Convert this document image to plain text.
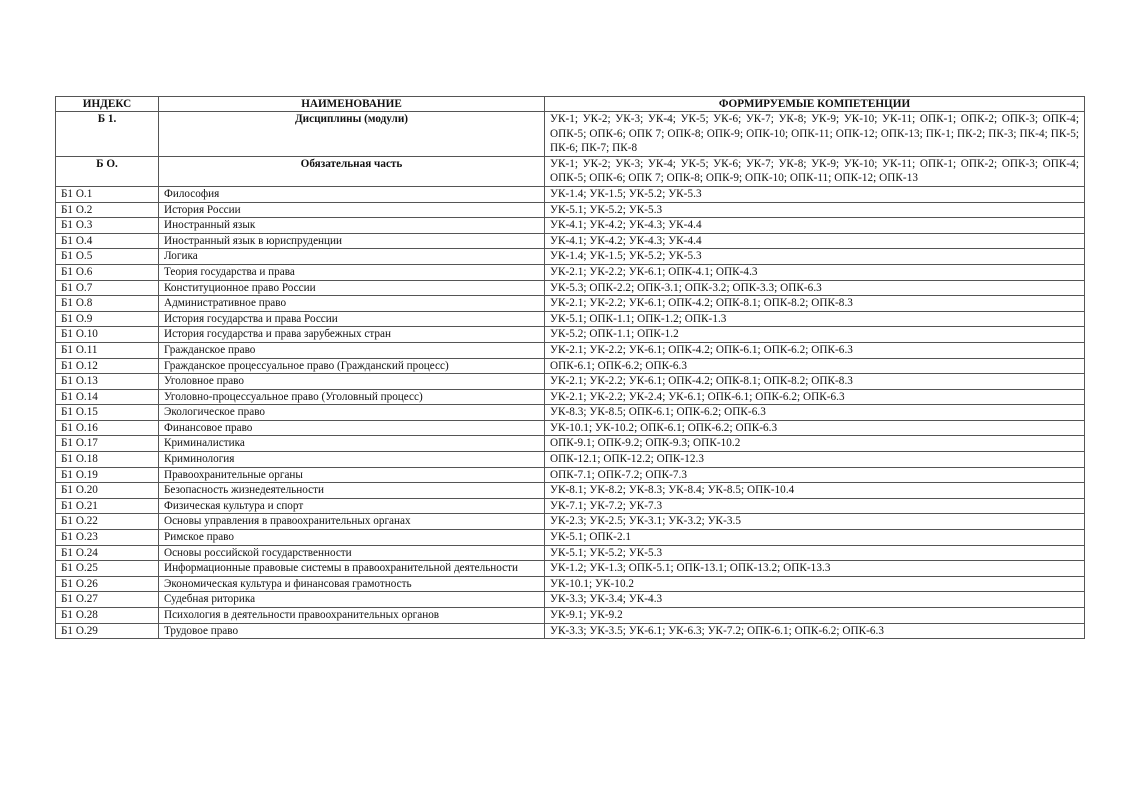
ИНДЕКС	НАИМЕНОВАНИЕ	ФОРМИРУЕМЫЕ КОМПЕТЕНЦИИ
Б 1.	Дисциплины (модули)	УК-1; УК-2; УК-3; УК-4; УК-5; УК-6; УК-7; УК-8; УК-9; УК-10; УК-11; ОПК-1; ОПК-2; ОПК-3; ОПК-4; ОПК-5; ОПК-6; ОПК 7; ОПК-8; ОПК-9; ОПК-10; ОПК-11; ОПК-12; ОПК-13; ПК-1; ПК-2; ПК-3; ПК-4; ПК-5; ПК-6; ПК-7; ПК-8
Б О.	Обязательная часть	УК-1; УК-2; УК-3; УК-4; УК-5; УК-6; УК-7; УК-8; УК-9; УК-10; УК-11; ОПК-1; ОПК-2; ОПК-3; ОПК-4; ОПК-5; ОПК-6; ОПК 7; ОПК-8; ОПК-9; ОПК-10; ОПК-11; ОПК-12; ОПК-13
Б1 О.1	Философия	УК-1.4; УК-1.5; УК-5.2; УК-5.3
Б1 О.2	История России	УК-5.1; УК-5.2; УК-5.3
Б1 О.3	Иностранный язык	УК-4.1; УК-4.2; УК-4.3; УК-4.4
Б1 О.4	Иностранный язык в юриспруденции	УК-4.1; УК-4.2; УК-4.3; УК-4.4
Б1 О.5	Логика	УК-1.4; УК-1.5; УК-5.2; УК-5.3
Б1 О.6	Теория государства и права	УК-2.1; УК-2.2; УК-6.1; ОПК-4.1; ОПК-4.3
Б1 О.7	Конституционное право России	УК-5.3; ОПК-2.2; ОПК-3.1; ОПК-3.2; ОПК-3.3; ОПК-6.3
Б1 О.8	Административное право	УК-2.1; УК-2.2; УК-6.1; ОПК-4.2; ОПК-8.1; ОПК-8.2; ОПК-8.3
Б1 О.9	История государства и права России	УК-5.1; ОПК-1.1; ОПК-1.2; ОПК-1.3
Б1 О.10	История государства и права зарубежных стран	УК-5.2; ОПК-1.1; ОПК-1.2
Б1 О.11	Гражданское право	УК-2.1; УК-2.2; УК-6.1; ОПК-4.2; ОПК-6.1; ОПК-6.2; ОПК-6.3
Б1 О.12	Гражданское процессуальное право (Гражданский процесс)	ОПК-6.1; ОПК-6.2; ОПК-6.3
Б1 О.13	Уголовное право	УК-2.1; УК-2.2; УК-6.1; ОПК-4.2; ОПК-8.1; ОПК-8.2; ОПК-8.3
Б1 О.14	Уголовно-процессуальное право (Уголовный процесс)	УК-2.1; УК-2.2; УК-2.4; УК-6.1; ОПК-6.1; ОПК-6.2; ОПК-6.3
Б1 О.15	Экологическое право	УК-8.3; УК-8.5; ОПК-6.1; ОПК-6.2; ОПК-6.3
Б1 О.16	Финансовое право	УК-10.1; УК-10.2; ОПК-6.1; ОПК-6.2; ОПК-6.3
Б1 О.17	Криминалистика	ОПК-9.1; ОПК-9.2; ОПК-9.3; ОПК-10.2
Б1 О.18	Криминология	ОПК-12.1; ОПК-12.2; ОПК-12.3
Б1 О.19	Правоохранительные органы	ОПК-7.1; ОПК-7.2; ОПК-7.3
Б1 О.20	Безопасность жизнедеятельности	УК-8.1; УК-8.2; УК-8.3; УК-8.4; УК-8.5; ОПК-10.4
Б1 О.21	Физическая культура и спорт	УК-7.1; УК-7.2; УК-7.3
Б1 О.22	Основы управления в правоохранительных органах	УК-2.3; УК-2.5; УК-3.1; УК-3.2; УК-3.5
Б1 О.23	Римское право	УК-5.1; ОПК-2.1
Б1 О.24	Основы российской государственности	УК-5.1; УК-5.2; УК-5.3
Б1 О.25	Информационные правовые системы в правоохранительной деятельности	УК-1.2; УК-1.3; ОПК-5.1; ОПК-13.1; ОПК-13.2; ОПК-13.3
Б1 О.26	Экономическая культура и финансовая грамотность	УК-10.1; УК-10.2
Б1 О.27	Судебная риторика	УК-3.3; УК-3.4; УК-4.3
Б1 О.28	Психология в деятельности правоохранительных органов	УК-9.1; УК-9.2
Б1 О.29	Трудовое право	УК-3.3; УК-3.5; УК-6.1; УК-6.3; УК-7.2; ОПК-6.1; ОПК-6.2; ОПК-6.3
